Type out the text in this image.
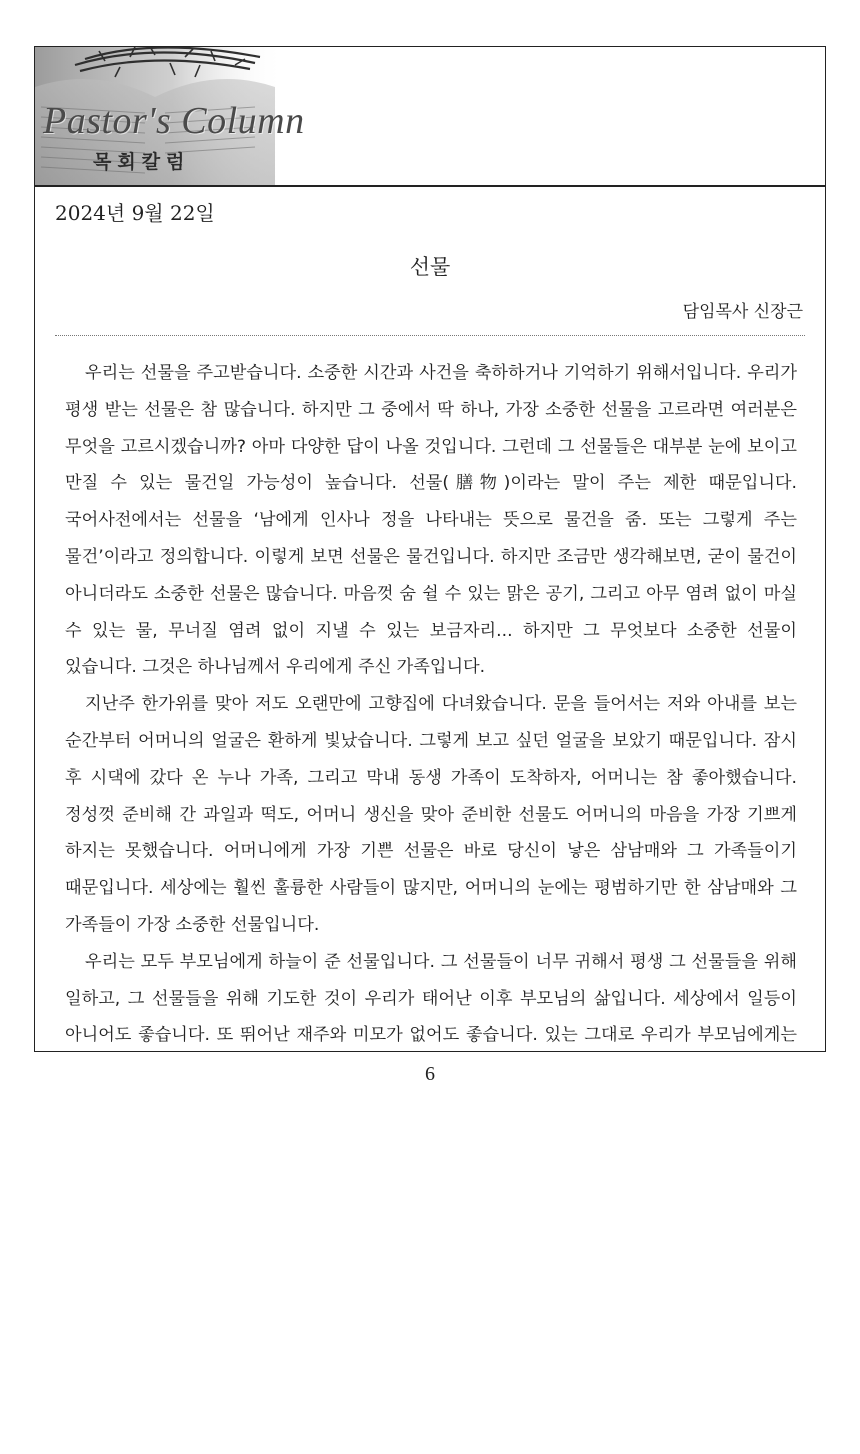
Pastor's Column
목회칼럼
2024년 9월 22일
선물
담임목사 신장근

우리는 선물을 주고받습니다. 소중한 시간과 사건을 축하하거나 기억하기 위해서입니다. 우리가 평생 받는 선물은 참 많습니다. 하지만 그 중에서 딱 하나, 가장 소중한 선물을 고르라면 여러분은 무엇을 고르시겠습니까? 아마 다양한 답이 나올 것입니다. 그런데 그 선물들은 대부분 눈에 보이고 만질 수 있는 물건일 가능성이 높습니다. 선물(膳物)이라는 말이 주는 제한 때문입니다. 국어사전에서는 선물을 ‘남에게 인사나 정을 나타내는 뜻으로 물건을 줌. 또는 그렇게 주는 물건’이라고 정의합니다. 이렇게 보면 선물은 물건입니다. 하지만 조금만 생각해보면, 굳이 물건이 아니더라도 소중한 선물은 많습니다. 마음껏 숨 쉴 수 있는 맑은 공기, 그리고 아무 염려 없이 마실 수 있는 물, 무너질 염려 없이 지낼 수 있는 보금자리... 하지만 그 무엇보다 소중한 선물이 있습니다. 그것은 하나님께서 우리에게 주신 가족입니다.

지난주 한가위를 맞아 저도 오랜만에 고향집에 다녀왔습니다. 문을 들어서는 저와 아내를 보는 순간부터 어머니의 얼굴은 환하게 빛났습니다. 그렇게 보고 싶던 얼굴을 보았기 때문입니다. 잠시 후 시댁에 갔다 온 누나 가족, 그리고 막내 동생 가족이 도착하자, 어머니는 참 좋아했습니다. 정성껏 준비해 간 과일과 떡도, 어머니 생신을 맞아 준비한 선물도 어머니의 마음을 가장 기쁘게 하지는 못했습니다. 어머니에게 가장 기쁜 선물은 바로 당신이 낳은 삼남매와 그 가족들이기 때문입니다. 세상에는 훨씬 훌륭한 사람들이 많지만, 어머니의 눈에는 평범하기만 한 삼남매와 그 가족들이 가장 소중한 선물입니다.

우리는 모두 부모님에게 하늘이 준 선물입니다. 그 선물들이 너무 귀해서 평생 그 선물들을 위해 일하고, 그 선물들을 위해 기도한 것이 우리가 태어난 이후 부모님의 삶입니다. 세상에서 일등이 아니어도 좋습니다. 또 뛰어난 재주와 미모가 없어도 좋습니다. 있는 그대로 우리가 부모님에게는

6
